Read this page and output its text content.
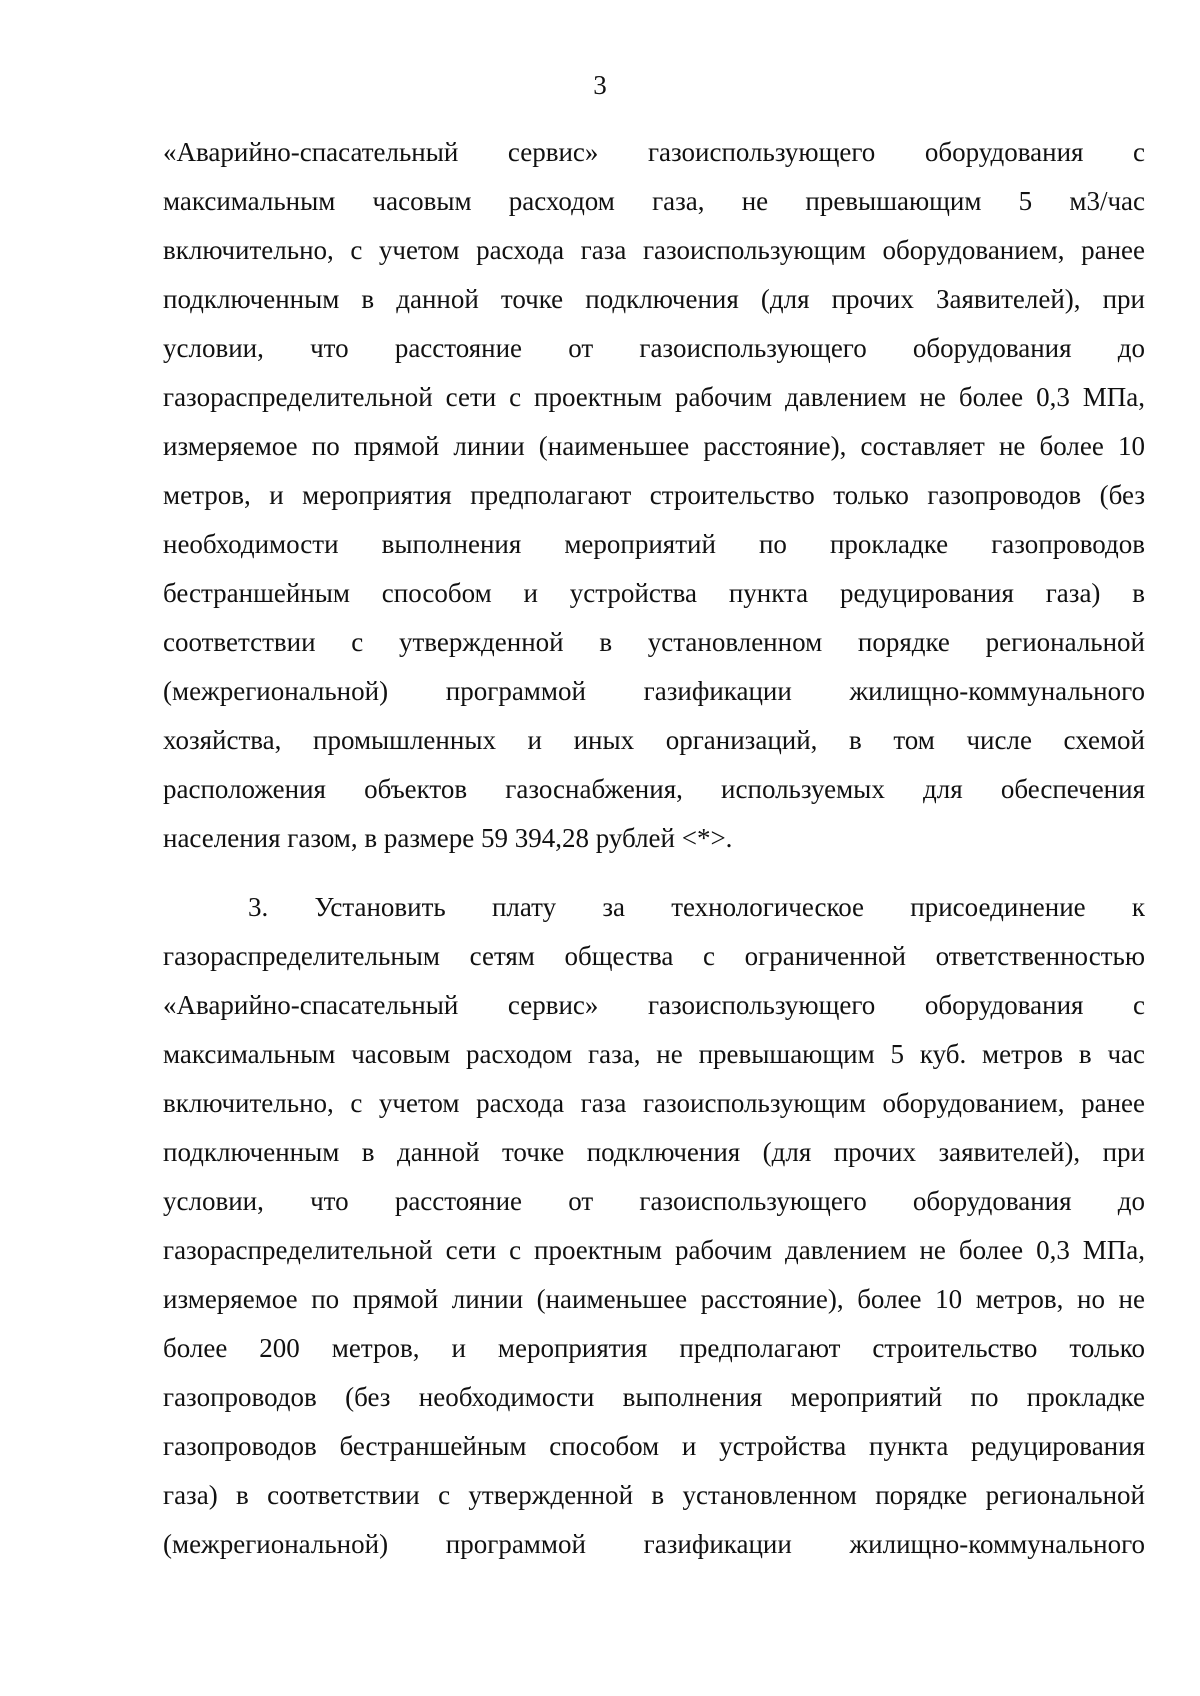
3
«Аварийно-спасательный сервис» газоиспользующего оборудования с
максимальным часовым расходом газа, не превышающим 5 м3/час
включительно, с учетом расхода газа газоиспользующим оборудованием, ранее
подключенным в данной точке подключения (для прочих Заявителей), при
условии, что расстояние от газоиспользующего оборудования до
газораспределительной сети с проектным рабочим давлением не более 0,3 МПа,
измеряемое по прямой линии (наименьшее расстояние), составляет не более 10
метров, и мероприятия предполагают строительство только газопроводов (без
необходимости выполнения мероприятий по прокладке газопроводов
бестраншейным способом и устройства пункта редуцирования газа) в
соответствии с утвержденной в установленном порядке региональной
(межрегиональной) программой газификации жилищно-коммунального
хозяйства, промышленных и иных организаций, в том числе схемой
расположения объектов газоснабжения, используемых для обеспечения
населения газом, в размере 59 394,28 рублей <*>.
3. Установить плату за технологическое присоединение к
газораспределительным сетям общества с ограниченной ответственностью
«Аварийно-спасательный сервис» газоиспользующего оборудования с
максимальным часовым расходом газа, не превышающим 5 куб. метров в час
включительно, с учетом расхода газа газоиспользующим оборудованием, ранее
подключенным в данной точке подключения (для прочих заявителей), при
условии, что расстояние от газоиспользующего оборудования до
газораспределительной сети с проектным рабочим давлением не более 0,3 МПа,
измеряемое по прямой линии (наименьшее расстояние), более 10 метров, но не
более 200 метров, и мероприятия предполагают строительство только
газопроводов (без необходимости выполнения мероприятий по прокладке
газопроводов бестраншейным способом и устройства пункта редуцирования
газа) в соответствии с утвержденной в установленном порядке региональной
(межрегиональной) программой газификации жилищно-коммунального
